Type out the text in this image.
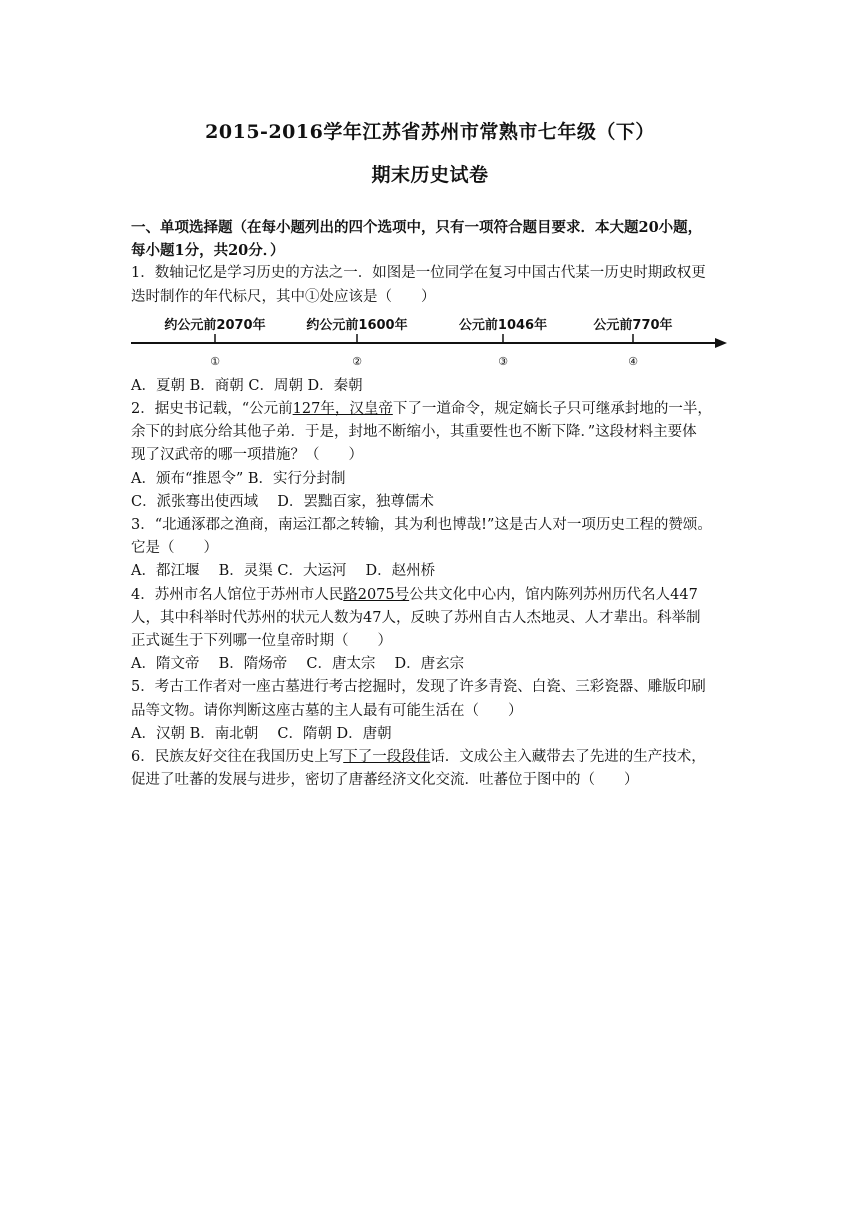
2015-2016学年江苏省苏州市常熟市七年级（下）
期末历史试卷

一、单项选择题（在每小题列出的四个选项中，只有一项符合题目要求．本大题20小题，
每小题1分，共20分．）

1．数轴记忆是学习历史的方法之一．如图是一位同学在复习中国古代某一历史时期政权更
迭时制作的年代标尺，其中①处应该是（　　）

约公元前2070年
①
约公元前1600年
②
公元前1046年
③
公元前770年
④

A．夏朝 B．商朝 C．周朝 D．秦朝

2．据史书记载，“公元前127年，汉皇帝下了一道命令，规定嫡长子只可继承封地的一半，
余下的封底分给其他子弟．于是，封地不断缩小，其重要性也不断下降．”这段材料主要体
现了汉武帝的哪一项措施？（　　）

A．颁布“推恩令” B．实行分封制

C．派张骞出使西域　 D．罢黜百家，独尊儒术

3．“北通涿郡之渔商，南运江都之转输，其为利也博哉!”这是古人对一项历史工程的赞颂。
它是（　　）

A．都江堰　 B．灵渠 C．大运河　 D．赵州桥

4．苏州市名人馆位于苏州市人民路2075号公共文化中心内，馆内陈列苏州历代名人447
人，其中科举时代苏州的状元人数为47人，反映了苏州自古人杰地灵、人才辈出。科举制
正式诞生于下列哪一位皇帝时期（　　）

A．隋文帝　 B．隋炀帝　 C．唐太宗　 D．唐玄宗

5．考古工作者对一座古墓进行考古挖掘时，发现了许多青瓷、白瓷、三彩瓷器、雕版印刷
品等文物。请你判断这座古墓的主人最有可能生活在（　　）

A．汉朝 B．南北朝　 C．隋朝 D．唐朝

6．民族友好交往在我国历史上写下了一段段佳话．文成公主入藏带去了先进的生产技术，
促进了吐蕃的发展与进步，密切了唐蕃经济文化交流．吐蕃位于图中的（　　）
